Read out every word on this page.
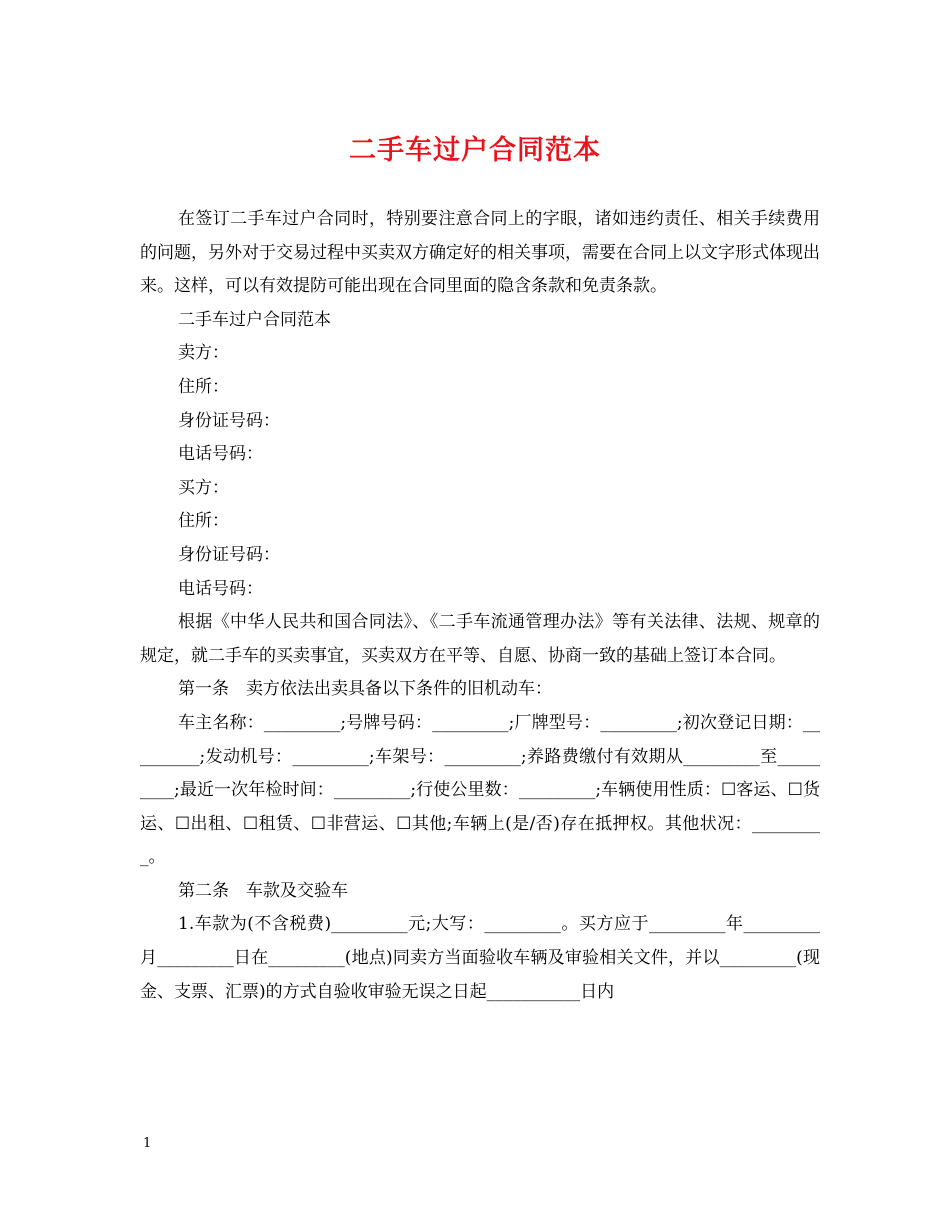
二手车过户合同范本

在签订二手车过户合同时，特别要注意合同上的字眼，诸如违约责任、相关手续费用的问题，另外对于交易过程中买卖双方确定好的相关事项，需要在合同上以文字形式体现出来。这样，可以有效提防可能出现在合同里面的隐含条款和免责条款。

二手车过户合同范本

卖方：

住所：

身份证号码：

电话号码：

买方：

住所：

身份证号码：

电话号码：

根据《中华人民共和国合同法》、《二手车流通管理办法》等有关法律、法规、规章的规定，就二手车的买卖事宜，买卖双方在平等、自愿、协商一致的基础上签订本合同。

第一条　卖方依法出卖具备以下条件的旧机动车：

车主名称：_________;号牌号码：_________;厂牌型号：_________;初次登记日期：_________;发动机号：_________;车架号：_________;养路费缴付有效期从_________至_________;最近一次年检时间：_________;行使公里数：_________;车辆使用性质：☐客运、☐货运、☐出租、☐租赁、☐非营运、☐其他;车辆上(是/否)存在抵押权。其他状况：_________。

第二条　车款及交验车

1.车款为(不含税费)_________元;大写：_________。买方应于_________年_________月_________日在_________(地点)同卖方当面验收车辆及审验相关文件，并以_________(现金、支票、汇票)的方式自验收审验无误之日起___________日内

1
